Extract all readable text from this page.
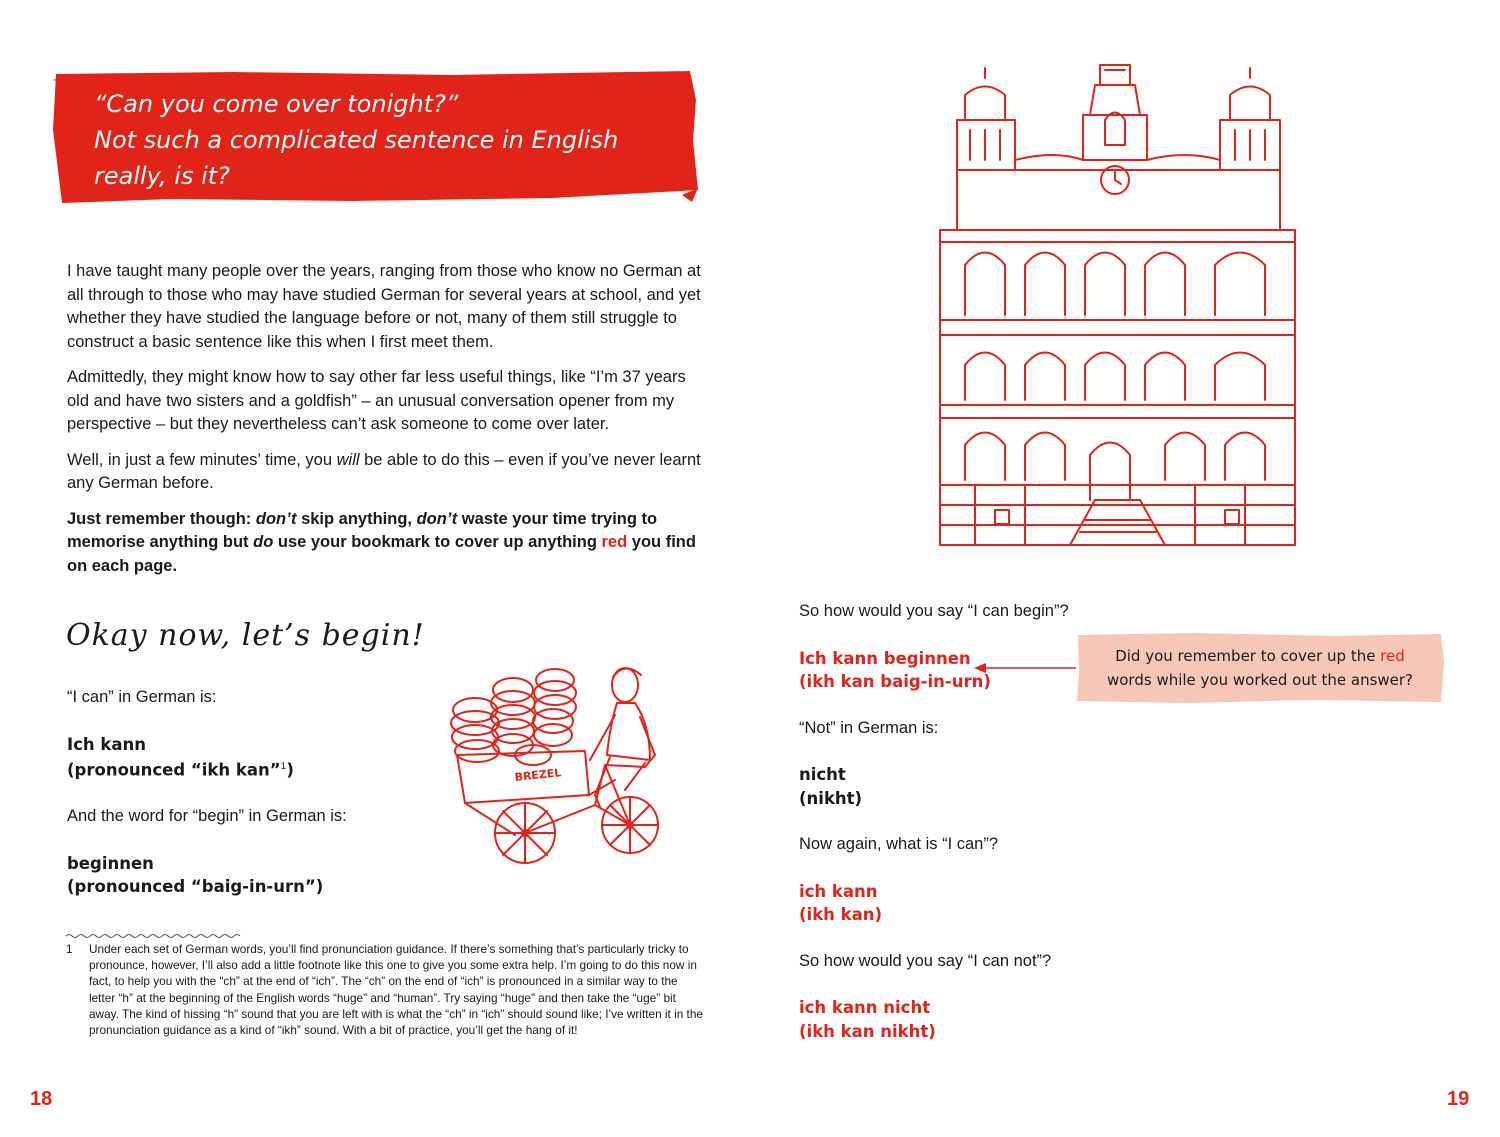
“Can you come over tonight?”
Not such a complicated sentence in English really, is it?
Or is it…?

I have taught many people over the years, ranging from those who know no German at all through to those who may have studied German for several years at school, and yet whether they have studied the language before or not, many of them still struggle to construct a basic sentence like this when I first meet them.

Admittedly, they might know how to say other far less useful things, like “I’m 37 years old and have two sisters and a goldfish” – an unusual conversation opener from my perspective – but they nevertheless can’t ask someone to come over later.

Well, in just a few minutes’ time, you will be able to do this – even if you’ve never learnt any German before.

Just remember though: don’t skip anything, don’t waste your time trying to memorise anything but do use your bookmark to cover up anything red you find on each page.

Okay now, let’s begin!
“I can” in German is:
Ich kann
(pronounced “ikh kan”$^1$)
And the word for “begin” in German is:
beginnen
(pronounced “baig-in-urn”)
BREZEL
1	Under each set of German words, you’ll find pronunciation guidance. If there’s something that’s particularly tricky to pronounce, however, I’ll also add a little footnote like this one to give you some extra help. I’m going to do this now in fact, to help you with the “ch” at the end of “ich”. The “ch” on the end of “ich” is pronounced in a similar way to the letter “h” at the beginning of the English words “huge” and “human”. Try saying “huge” and then take the “uge” bit away. The kind of hissing “h” sound that you are left with is what the “ch” in “ich” should sound like; I’ve written it in the pronunciation guidance as a kind of “ikh” sound. With a bit of practice, you’ll get the hang of it!
18
So how would you say “I can begin”?
Ich kann beginnen
(ikh kan baig-in-urn)
“Not” in German is:
nicht
(nikht)
Now again, what is “I can”?
ich kann
(ikh kan)
So how would you say “I can not”?
ich kann nicht
(ikh kan nikht)
Did you remember to cover up the red
words while you worked out the answer?
19
